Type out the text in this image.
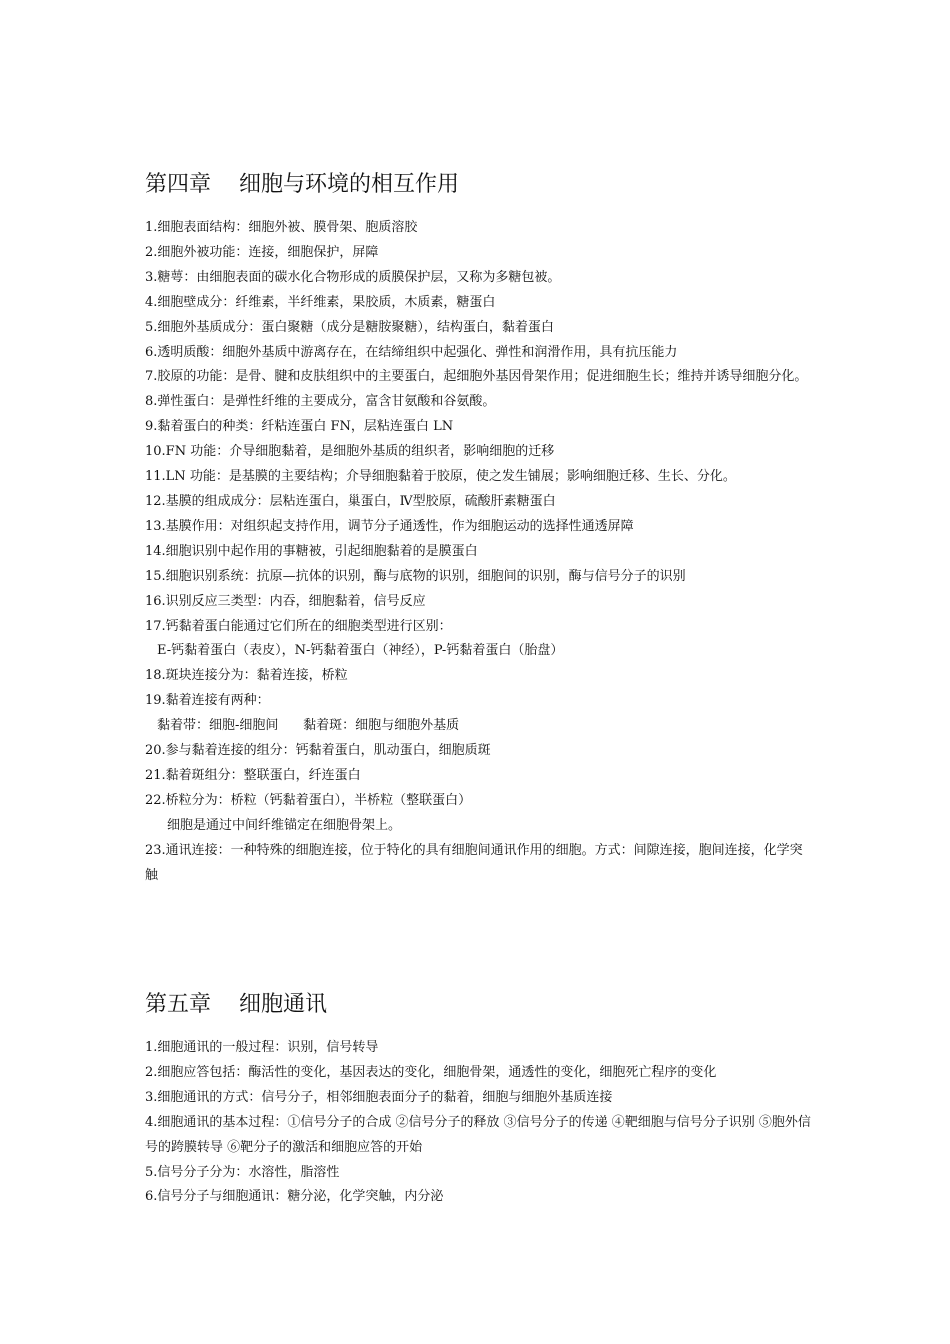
第四章    细胞与环境的相互作用

1.细胞表面结构：细胞外被、膜骨架、胞质溶胶

2.细胞外被功能：连接，细胞保护，屏障

3.糖萼：由细胞表面的碳水化合物形成的质膜保护层，又称为多糖包被。

4.细胞壁成分：纤维素，半纤维素，果胶质，木质素，糖蛋白

5.细胞外基质成分：蛋白聚糖（成分是糖胺聚糖），结构蛋白，黏着蛋白

6.透明质酸：细胞外基质中游离存在，在结缔组织中起强化、弹性和润滑作用，具有抗压能力

7.胶原的功能：是骨、腱和皮肤组织中的主要蛋白，起细胞外基因骨架作用；促进细胞生长；维持并诱导细胞分化。

8.弹性蛋白：是弹性纤维的主要成分，富含甘氨酸和谷氨酸。

9.黏着蛋白的种类：纤粘连蛋白 FN，层粘连蛋白 LN

10.FN 功能：介导细胞黏着，是细胞外基质的组织者，影响细胞的迁移

11.LN 功能：是基膜的主要结构；介导细胞黏着于胶原，使之发生铺展；影响细胞迁移、生长、分化。

12.基膜的组成成分：层粘连蛋白，巢蛋白，Ⅳ型胶原，硫酸肝素糖蛋白

13.基膜作用：对组织起支持作用，调节分子通透性，作为细胞运动的选择性通透屏障

14.细胞识别中起作用的事糖被，引起细胞黏着的是膜蛋白

15.细胞识别系统：抗原—抗体的识别，酶与底物的识别，细胞间的识别，酶与信号分子的识别

16.识别反应三类型：内吞，细胞黏着，信号反应

17.钙黏着蛋白能通过它们所在的细胞类型进行区别：

E-钙黏着蛋白（表皮），N-钙黏着蛋白（神经），P-钙黏着蛋白（胎盘）

18.斑块连接分为：黏着连接，桥粒

19.黏着连接有两种：

黏着带：细胞-细胞间      黏着斑：细胞与细胞外基质

20.参与黏着连接的组分：钙黏着蛋白，肌动蛋白，细胞质斑

21.黏着斑组分：整联蛋白，纤连蛋白

22.桥粒分为：桥粒（钙黏着蛋白），半桥粒（整联蛋白）

细胞是通过中间纤维锚定在细胞骨架上。

23.通讯连接：一种特殊的细胞连接，位于特化的具有细胞间通讯作用的细胞。方式：间隙连接，胞间连接，化学突触

第五章    细胞通讯

1.细胞通讯的一般过程：识别，信号转导

2.细胞应答包括：酶活性的变化，基因表达的变化，细胞骨架，通透性的变化，细胞死亡程序的变化

3.细胞通讯的方式：信号分子，相邻细胞表面分子的黏着，细胞与细胞外基质连接

4.细胞通讯的基本过程：①信号分子的合成 ②信号分子的释放 ③信号分子的传递 ④靶细胞与信号分子识别 ⑤胞外信号的跨膜转导 ⑥靶分子的激活和细胞应答的开始

5.信号分子分为：水溶性，脂溶性

6.信号分子与细胞通讯：糖分泌，化学突触，内分泌
